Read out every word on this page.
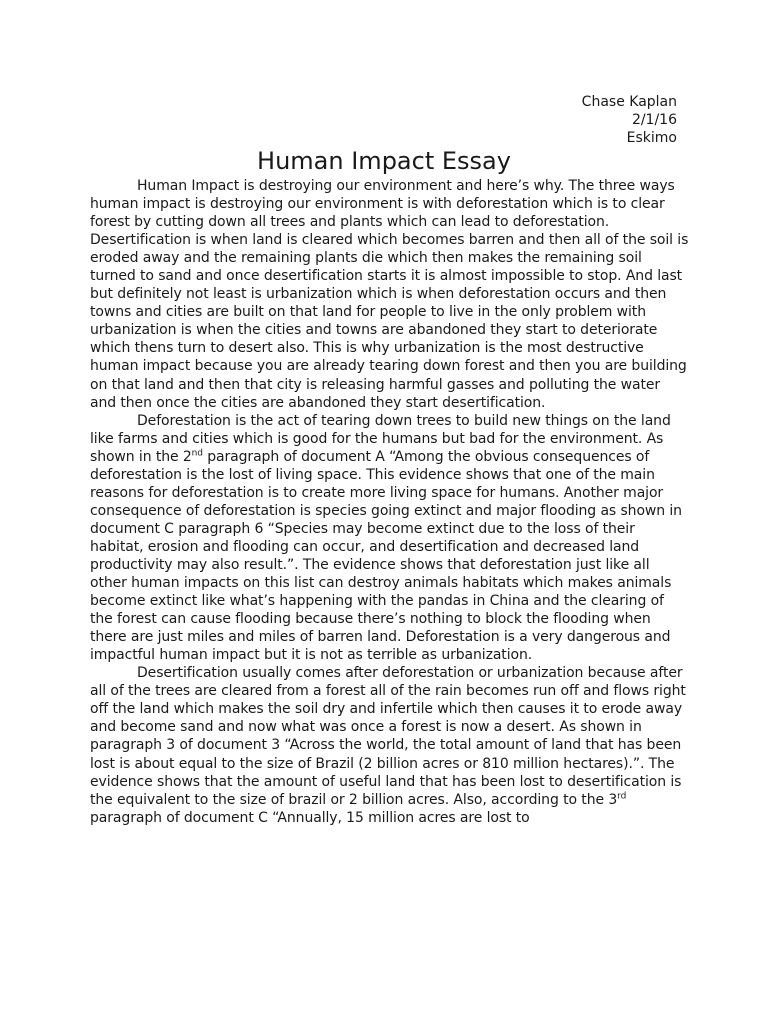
Chase Kaplan
2/1/16
Eskimo
Human Impact Essay

Human Impact is destroying our environment and here’s why. The three ways human impact is destroying our environment is with deforestation which is to clear forest by cutting down all trees and plants which can lead to deforestation. Desertification is when land is cleared which becomes barren and then all of the soil is eroded away and the remaining plants die which then makes the remaining soil turned to sand and once desertification starts it is almost impossible to stop. And last but definitely not least is urbanization which is when deforestation occurs and then towns and cities are built on that land for people to live in the only problem with urbanization is when the cities and towns are abandoned they start to deteriorate which thens turn to desert also. This is why urbanization is the most destructive human impact because you are already tearing down forest and then you are building on that land and then that city is releasing harmful gasses and polluting the water and then once the cities are abandoned they start desertification.

Deforestation is the act of tearing down trees to build new things on the land like farms and cities which is good for the humans but bad for the environment. As shown in the 2nd paragraph of document A “Among the obvious consequences of deforestation is the lost of living space. This evidence shows that one of the main reasons for deforestation is to create more living space for humans. Another major consequence of deforestation is species going extinct and major flooding as shown in document C paragraph 6 “Species may become extinct due to the loss of their habitat, erosion and flooding can occur, and desertification and decreased land productivity may also result.”. The evidence shows that deforestation just like all other human impacts on this list can destroy animals habitats which makes animals become extinct like what’s happening with the pandas in China and the clearing of the forest can cause flooding because there’s nothing to block the flooding when there are just miles and miles of barren land. Deforestation is a very dangerous and impactful human impact but it is not as terrible as urbanization.

Desertification usually comes after deforestation or urbanization because after all of the trees are cleared from a forest all of the rain becomes run off and flows right off the land which makes the soil dry and infertile which then causes it to erode away and become sand and now what was once a forest is now a desert. As shown in paragraph 3 of document 3 “Across the world, the total amount of land that has been lost is about equal to the size of Brazil (2 billion acres or 810 million hectares).”. The evidence shows that the amount of useful land that has been lost to desertification is the equivalent to the size of brazil or 2 billion acres. Also, according to the 3rd paragraph of document C “Annually, 15 million acres are lost to
